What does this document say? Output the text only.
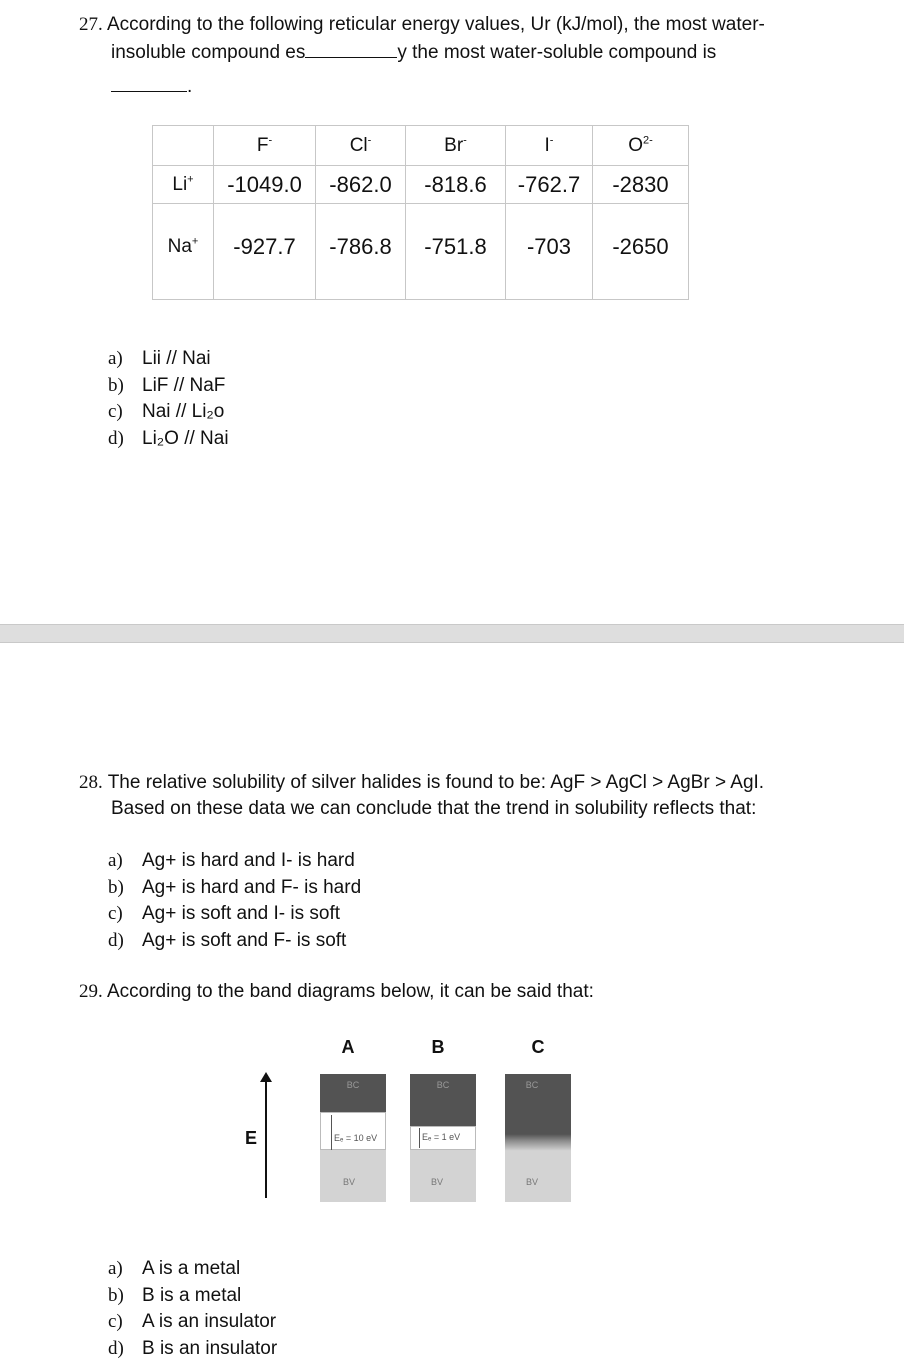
27. According to the following reticular energy values, Ur (kJ/mol), the most water-
insoluble compound es	y the most water-soluble compound is
.
	F-	Cl-	Br-	I-	$O^{2-}$
Li+	-1049.0	-862.0	-818.6	-762.7	-2830
Na+	-927.7	-786.8	-751.8	-703	-2650
a)	Lii // Nai
b) LiF // NaF
c)	Nai // Li₂o
d) Li₂O // Nai
28. The relative solubility of silver halides is found to be: AgF > AgCl > AgBr > AgI.
Based on these data we can conclude that the trend in solubility reflects that:
a)	Ag+ is hard and I- is hard
b) Ag+ is hard and F- is hard
c)	Ag+ is soft and I- is soft
d) Ag+ is soft and F- is soft
29. According to the band diagrams below, it can be said that:
E
A	B	C
BC
Eₑ = 10 eV
BV
BC
Eₑ = 1 eV
BV
BC
BV
a)	A is a metal
b) B is a metal
c)	A is an insulator
d) B is an insulator
